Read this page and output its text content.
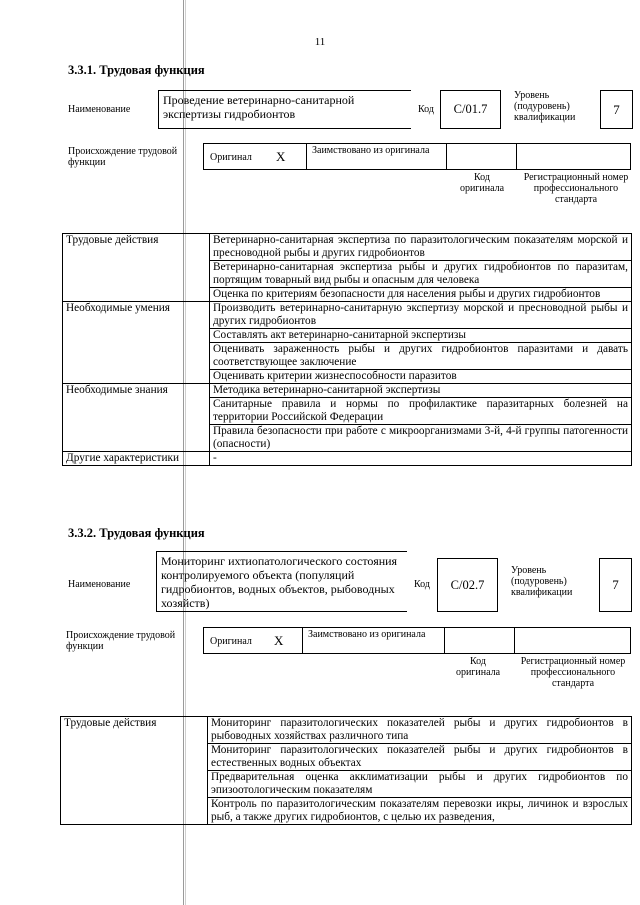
11
3.3.1. Трудовая функция
Наименование
Проведение ветеринарно-санитарной экспертизы гидробионтов	Код	C/01.7
Уровень (подуровень) квалификации
7
Происхождение трудовой функции	Оригинал X	Заимствовано из оригинала
Код оригинала
Регистрационный номер профессионального стандарта
Трудовые действия	Ветеринарно-санитарная экспертиза по паразитологическим показателям морской и пресноводной рыбы и других гидробионтов
	Ветеринарно-санитарная экспертиза рыбы и других гидробионтов по паразитам, портящим товарный вид рыбы и опасным для человека
	Оценка по критериям безопасности для населения рыбы и других гидробионтов
Необходимые умения	Производить ветеринарно-санитарную экспертизу морской и пресноводной рыбы и других гидробионтов
	Составлять акт ветеринарно-санитарной экспертизы
	Оценивать зараженность рыбы и других гидробионтов паразитами и давать соответствующее заключение
	Оценивать критерии жизнеспособности паразитов
Необходимые знания	Методика ветеринарно-санитарной экспертизы
	Санитарные правила и нормы по профилактике паразитарных болезней на территории Российской Федерации
	Правила безопасности при работе с микроорганизмами 3-й, 4-й группы патогенности (опасности)
Другие характеристики	-
3.3.2. Трудовая функция
Наименование
Мониторинг ихтиопатологического состояния контролируемого объекта (популяций гидробионтов, водных объектов, рыбоводных хозяйств)
Код	C/02.7
Уровень (подуровень) квалификации
7
Происхождение трудовой функции	Оригинал X Заимствовано из оригинала
Код оригинала
Регистрационный номер профессионального стандарта
Трудовые действия	Мониторинг паразитологических показателей рыбы и других гидробионтов в рыбоводных хозяйствах различного типа
Мониторинг паразитологических показателей рыбы и других гидробионтов в естественных водных объектах
Предварительная оценка акклиматизации рыбы и других гидробионтов по эпизоотологическим показателям
Контроль по паразитологическим показателям перевозки икры, личинок и взрослых рыб, а также других гидробионтов, с целью их разведения,
